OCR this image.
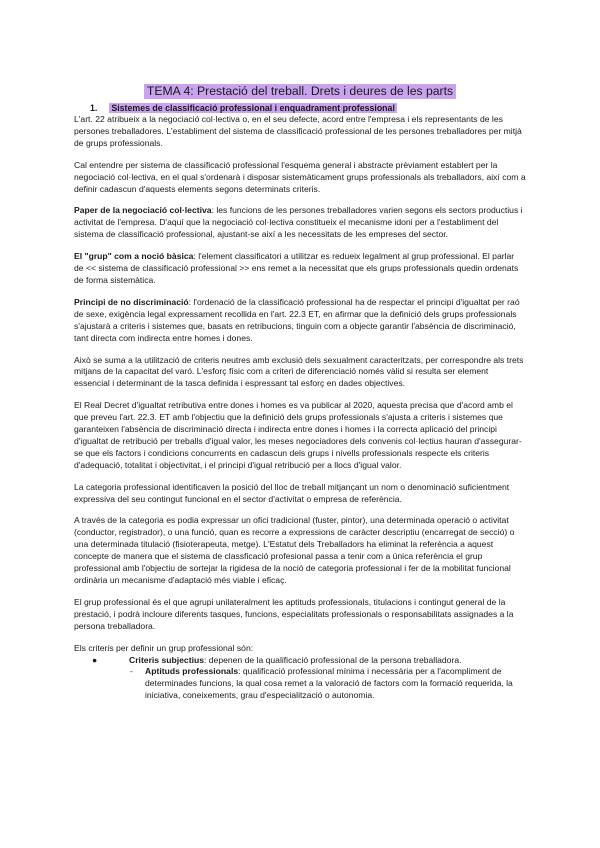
TEMA 4: Prestació del treball. Drets i deures de les parts
1. Sistemes de classificació professional i enquadrament professional

L'art. 22 atribueix a la negociació col·lectiva o, en el seu defecte, acord entre l'empresa i els representants de les persones treballadores. L'establiment del sistema de classificació professional de les persones treballadores per mitjà de grups professionals.

Cal entendre per sistema de classificació professional l'esquema general i abstracte prèviament establert per la negociació col·lectiva, en el qual s'ordenarà i disposar sistemàticament grups professionals als treballadors, així com a definir cadascun d'aquests elements segons determinats criteris.

Paper de la negociació col·lectiva: les funcions de les persones treballadores varien segons els sectors productius i activitat de l'empresa. D'aquí que la negociació col·lectiva constitueix el mecanisme idoni per a l'establiment del sistema de classificació professional, ajustant-se així a les necessitats de les empreses del sector.

El "grup" com a noció bàsica: l'element classificatori a utilitzar es redueix legalment al grup professional. El parlar de << sistema de classificació professional >> ens remet a la necessitat que els grups professionals quedin ordenats de forma sistemàtica.

Principi de no discriminació: l'ordenació de la classificació professional ha de respectar el principi d'igualtat per raó de sexe, exigència legal expressament recollida en l'art. 22.3 ET, en afirmar que la definició dels grups professionals s'ajustarà a criteris i sistemes que, basats en retribucions, tinguin com a objecte garantir l'absència de discriminació, tant directa com indirecta entre homes i dones.

Això se suma a la utilització de criteris neutres amb exclusió dels sexualment caracteritzats, per correspondre als trets mitjans de la capacitat del varó. L'esforç físic com a criteri de diferenciació només vàlid si resulta ser element essencial i determinant de la tasca definida i espressant tal esforç en dades objectives.

El Real Decret d'igualtat retributiva entre dones i homes es va publicar al 2020, aquesta precisa que d'acord amb el que preveu l'art. 22.3. ET amb l'objectiu que la definició dels grups professionals s'ajusta a criteris i sistemes que garanteixen l'absència de discriminació directa i indirecta entre dones i homes i la correcta aplicació del principi d'igualtat de retribució per treballs d'igual valor, les meses negociadores dels convenis col·lectius hauran d'assegurar-se que els factors i condicions concurrents en cadascun dels grups i nivells professionals respecte els criteris d'adequació, totalitat i objectivitat, i el principi d'igual retribució per a llocs d'igual valor.

La categoria professional identificaven la posició del lloc de treball mitjançant un nom o denominació suficientment expressiva del seu contingut funcional en el sector d'activitat o empresa de referència.

A través de la categoria es podia expressar un ofici tradicional (fuster, pintor), una determinada operació o activitat (conductor, registrador), o una funció, quan es recorre a expressions de caràcter descriptiu (encarregat de secció) o una determinada titulació (fisioterapeuta, metge). L'Estatut dels Treballadors ha eliminat la referència a aquest concepte de manera que el sistema de classficació profesional passa a tenir com a única referència el grup professional amb l'objectiu de sortejar la rigidesa de la noció de categoria professional i fer de la mobilitat funcional ordinària un mecanisme d'adaptació més viable i eficaç.

El grup professional és el que agrupi unilateralment les aptituds professionals, titulacions i contingut general de la prestació, i podrà incloure diferents tasques, funcions, especialitats professionals o responsabilitats assignades a la persona treballadora.

Els criteris per definir un grup professional són:

●	Criteris subjectius: depenen de la qualificació professional de la persona treballadora.
- Aptituds professionals: qualificació professional mínima i necessària per a l'acompliment de determinades funcions, la qual cosa remet a la valoració de factors com la formació requerida, la iniciativa, coneixements, grau d'especialització o autonomia.
